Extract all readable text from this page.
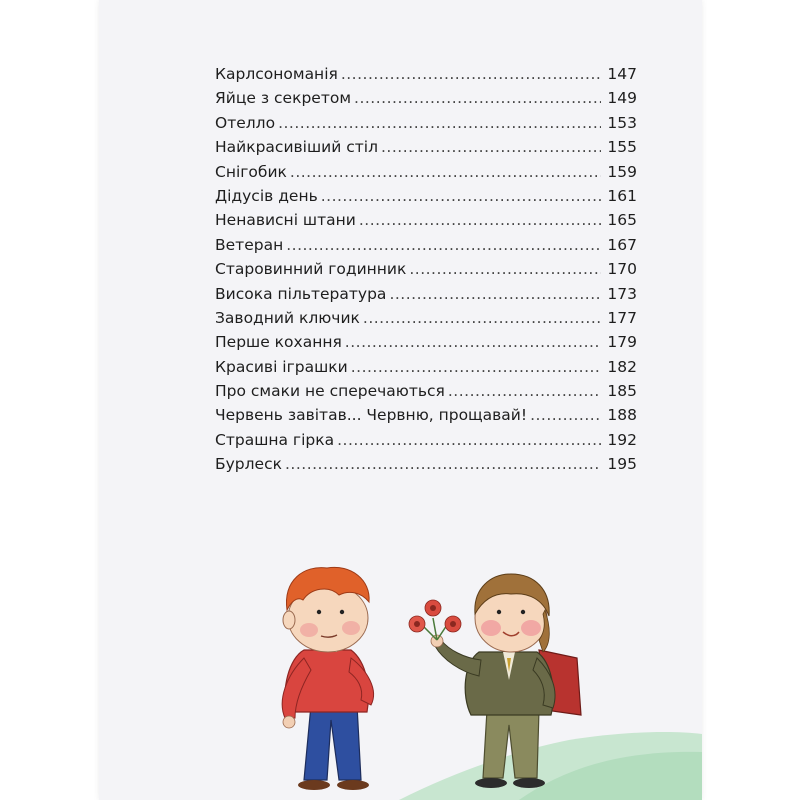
Карлсономанія .....	147
Яйце з секретом .....	149
Отелло .....	153
Найкрасивіший стіл .....	155
Снігобик .....	159
Дідусів день .....	161
Ненависні штани .....	165
Ветеран .....	167
Старовинний годинник .....	170
Висока пільтература .....	173
Заводний ключик .....	177
Перше кохання .....	179
Красиві іграшки .....	182
Про смаки не сперечаються .....	185
Червень завітав... Червню, прощавай! .....	188
Страшна гірка .....	192
Бурлеск .....	195
